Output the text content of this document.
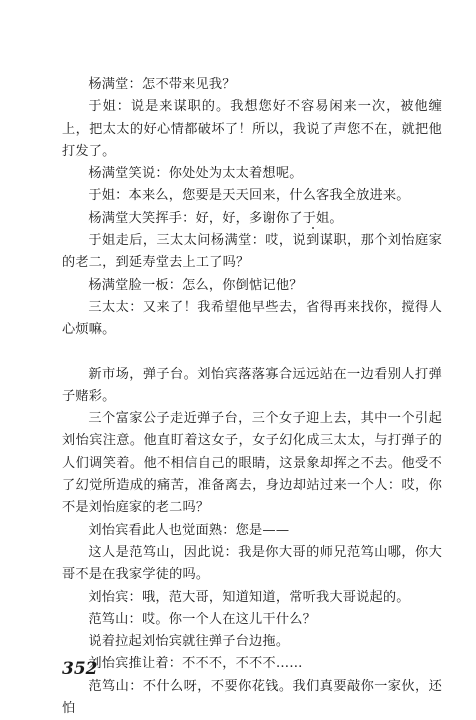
杨满堂：怎不带来见我？

于姐：说是来谋职的。我想您好不容易闲来一次，被他缠上，把太太的好心情都破坏了！所以，我说了声您不在，就把他打发了。

杨满堂笑说：你处处为太太着想呢。

于姐：本来么，您要是天天回来，什么客我全放进来。

杨满堂大笑挥手：好，好，多谢你了于姐。

于姐走后，三太太问杨满堂：哎，说到谋职，那个刘怡庭家的老二，到延寿堂去上工了吗？

杨满堂脸一板：怎么，你倒惦记他？

三太太：又来了！我希望他早些去，省得再来找你，搅得人心烦嘛。

新市场，弹子台。刘怡宾落落寡合远远站在一边看别人打弹子赌彩。

三个富家公子走近弹子台，三个女子迎上去，其中一个引起刘怡宾注意。他直盯着这女子，女子幻化成三太太，与打弹子的人们调笑着。他不相信自己的眼睛，这景象却挥之不去。他受不了幻觉所造成的痛苦，准备离去，身边却站过来一个人：哎，你不是刘怡庭家的老二吗？

刘怡宾看此人也觉面熟：您是——

这人是范笃山，因此说：我是你大哥的师兄范笃山哪，你大哥不是在我家学徒的吗。

刘怡宾：哦，范大哥，知道知道，常听我大哥说起的。

范笃山：哎。你一个人在这儿干什么？

说着拉起刘怡宾就往弹子台边拖。

刘怡宾推让着：不不不，不不不……

范笃山：不什么呀，不要你花钱。我们真要敲你一家伙，还怕

352
